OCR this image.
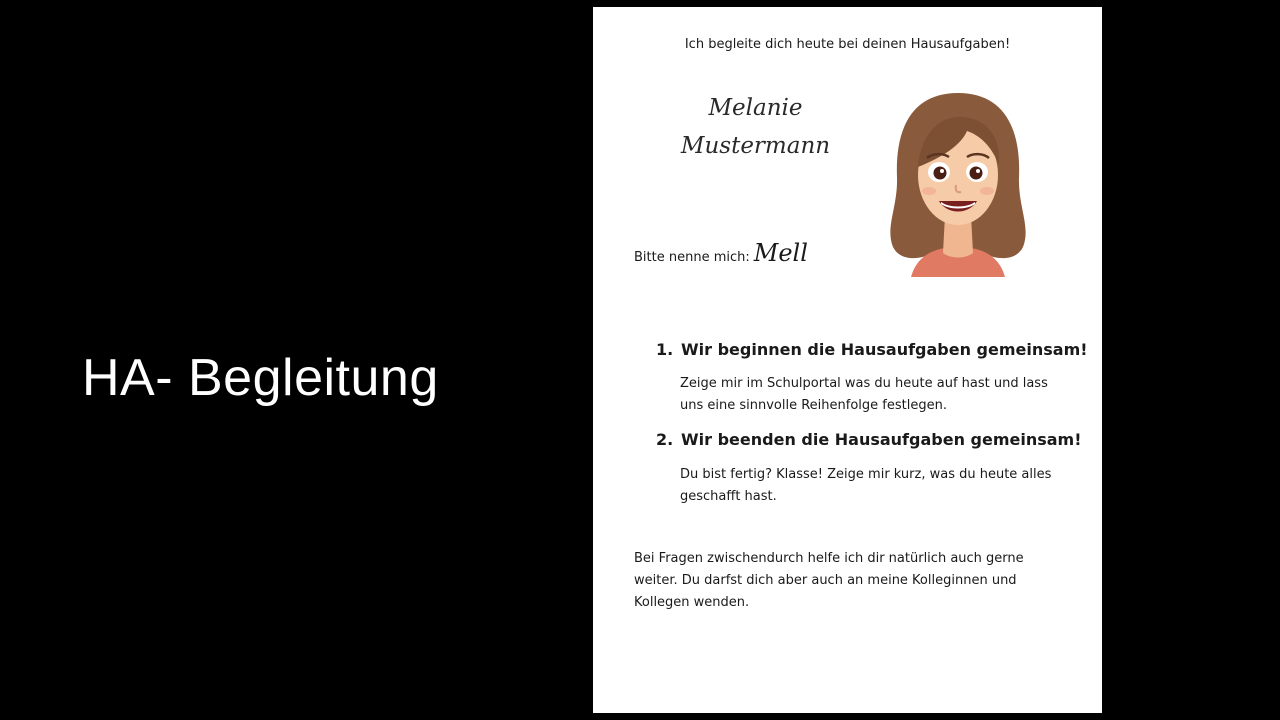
HA- Begleitung

Ich begleite dich heute bei deinen Hausaufgaben!

Melanie
Mustermann

Bitte nenne mich: Mell

1. Wir beginnen die Hausaufgaben gemeinsam!

Zeige mir im Schulportal was du heute auf hast und lass uns eine sinnvolle Reihenfolge festlegen.

2. Wir beenden die Hausaufgaben gemeinsam!

Du bist fertig? Klasse! Zeige mir kurz, was du heute alles geschafft hast.

Bei Fragen zwischendurch helfe ich dir natürlich auch gerne weiter. Du darfst dich aber auch an meine Kolleginnen und Kollegen wenden.
